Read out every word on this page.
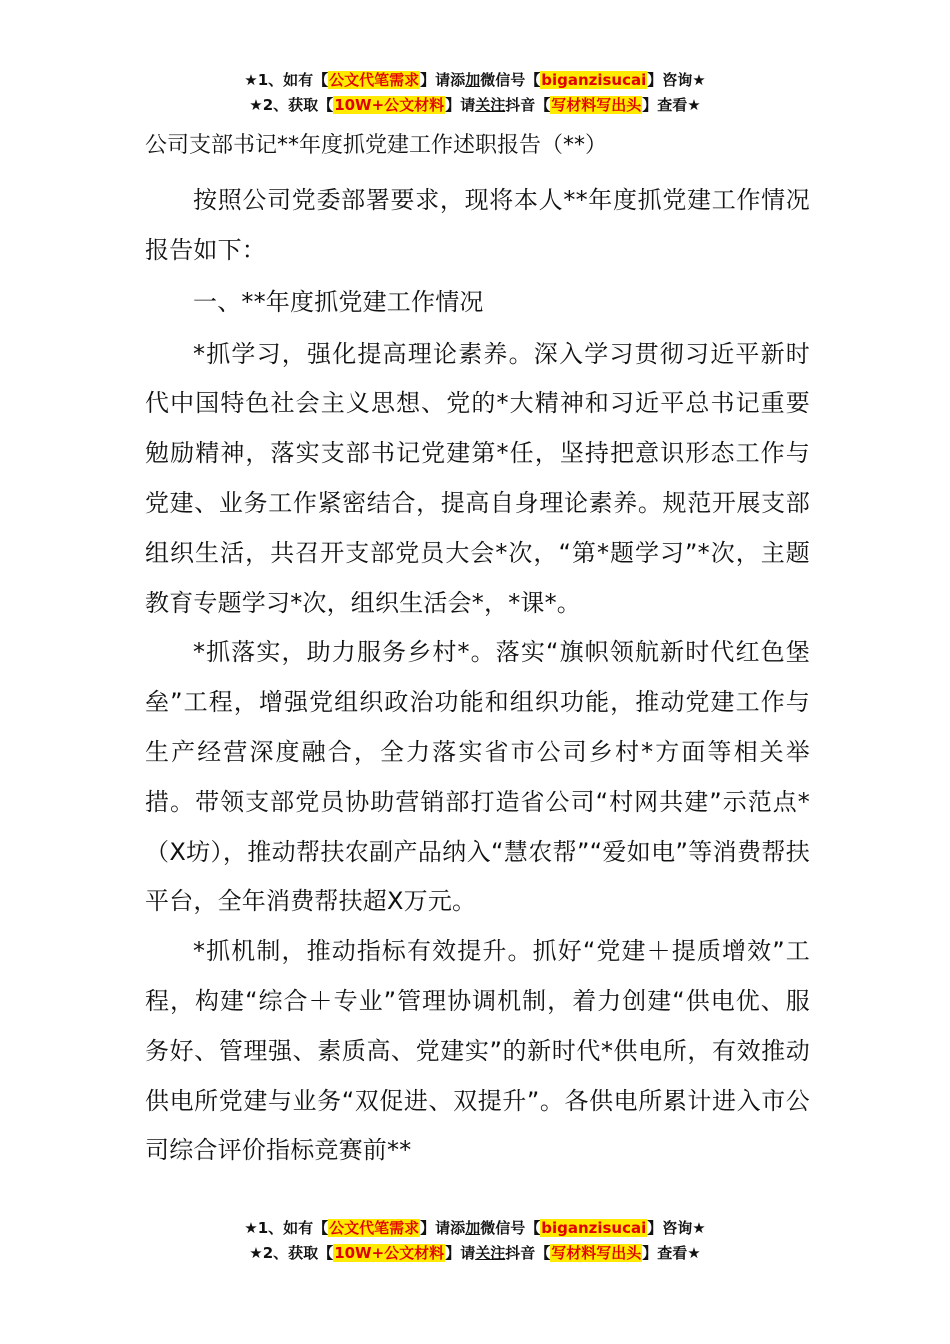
★1、如有【公文代笔需求】请添加微信号【biganzisucai】咨询★
★2、获取【10W+公文材料】请关注抖音【写材料写出头】查看★

公司支部书记**年度抓党建工作述职报告（**）

按照公司党委部署要求，现将本人**年度抓党建工作情况报告如下：

一、**年度抓党建工作情况

*抓学习，强化提高理论素养。深入学习贯彻习近平新时代中国特色社会主义思想、党的*大精神和习近平总书记重要勉励精神，落实支部书记党建第*任，坚持把意识形态工作与党建、业务工作紧密结合，提高自身理论素养。规范开展支部组织生活，共召开支部党员大会*次，“第*题学习”*次，主题教育专题学习*次，组织生活会*，*课*。

*抓落实，助力服务乡村*。落实“旗帜领航新时代红色堡垒”工程，增强党组织政治功能和组织功能，推动党建工作与生产经营深度融合，全力落实省市公司乡村*方面等相关举措。带领支部党员协助营销部打造省公司“村网共建”示范点*（X坊），推动帮扶农副产品纳入“慧农帮”“爱如电”等消费帮扶平台，全年消费帮扶超X万元。

*抓机制，推动指标有效提升。抓好“党建＋提质增效”工程，构建“综合＋专业”管理协调机制，着力创建“供电优、服务好、管理强、素质高、党建实”的新时代*供电所，有效推动供电所党建与业务“双促进、双提升”。各供电所累计进入市公司综合评价指标竞赛前**

★1、如有【公文代笔需求】请添加微信号【biganzisucai】咨询★
★2、获取【10W+公文材料】请关注抖音【写材料写出头】查看★
